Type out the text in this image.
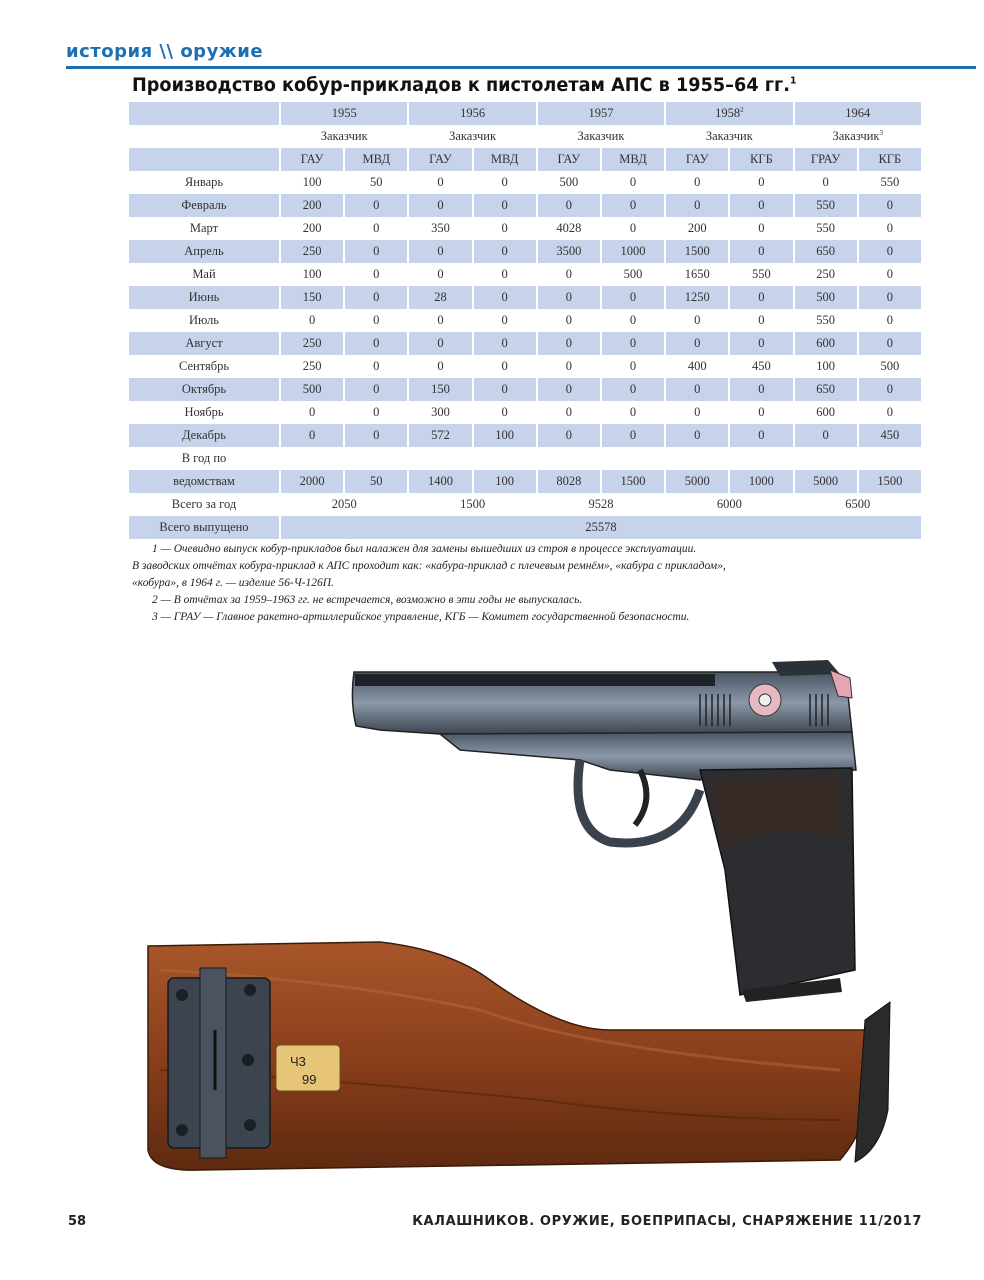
история \\ оружие
Производство кобур-прикладов к пистолетам АПС в 1955–64 гг.$^1$
	1955		1956		1957		1958$^2$		1964	
	Заказчик		Заказчик		Заказчик		Заказчик		Заказчик$^3$
	ГАУ	МВД	ГАУ	МВД	ГАУ	МВД	ГАУ	КГБ	ГРАУ	КГБ
Январь	100	50	0	0	500	0	0	0	0	550
Февраль	200	0	0	0	0	0	0	0	550	0
Март	200	0	350	0	4028	0	200	0	550	0
Апрель	250	0	0	0	3500	1000	1500	0	650	0
Май	100	0	0	0	0	500	1650	550	250	0
Июнь	150	0	28	0	0	0	1250	0	500	0
Июль	0	0	0	0	0	0	0	0	550	0
Август	250	0	0	0	0	0	0	0	600	0
Сентябрь	250	0	0	0	0	0	400	450	100	500
Октябрь	500	0	150	0	0	0	0	0	650	0
Ноябрь	0	0	300	0	0	0	0	0	600	0
Декабрь	0	0	572	100	0	0	0	0	0	450
В год по										
ведомствам	2000	50	1400	100	8028	1500	5000	1000	5000	1500
Всего за год	2050		1500		9528		6000		6500	
Всего выпущено	25578									

1 — Очевидно выпуск кобур-прикладов был налажен для замены вышедших из строя в процессе эксплуатации.

В заводских отчётах кобура-приклад к АПС проходит как: «кабура-приклад с плечевым ремнём», «кабура с прикладом»,

«кобура», в 1964 г. — изделие 56-Ч-126П.

2 — В отчётах за 1959–1963 гг. не встречается, возможно в эти годы не выпускалась.

3 — ГРАУ — Главное ракетно-артиллерийское управление, КГБ — Комитет государственной безопасности.

Ч3
99
58	КАЛАШНИКОВ. ОРУЖИЕ, БОЕПРИПАСЫ, СНАРЯЖЕНИЕ 11/2017
